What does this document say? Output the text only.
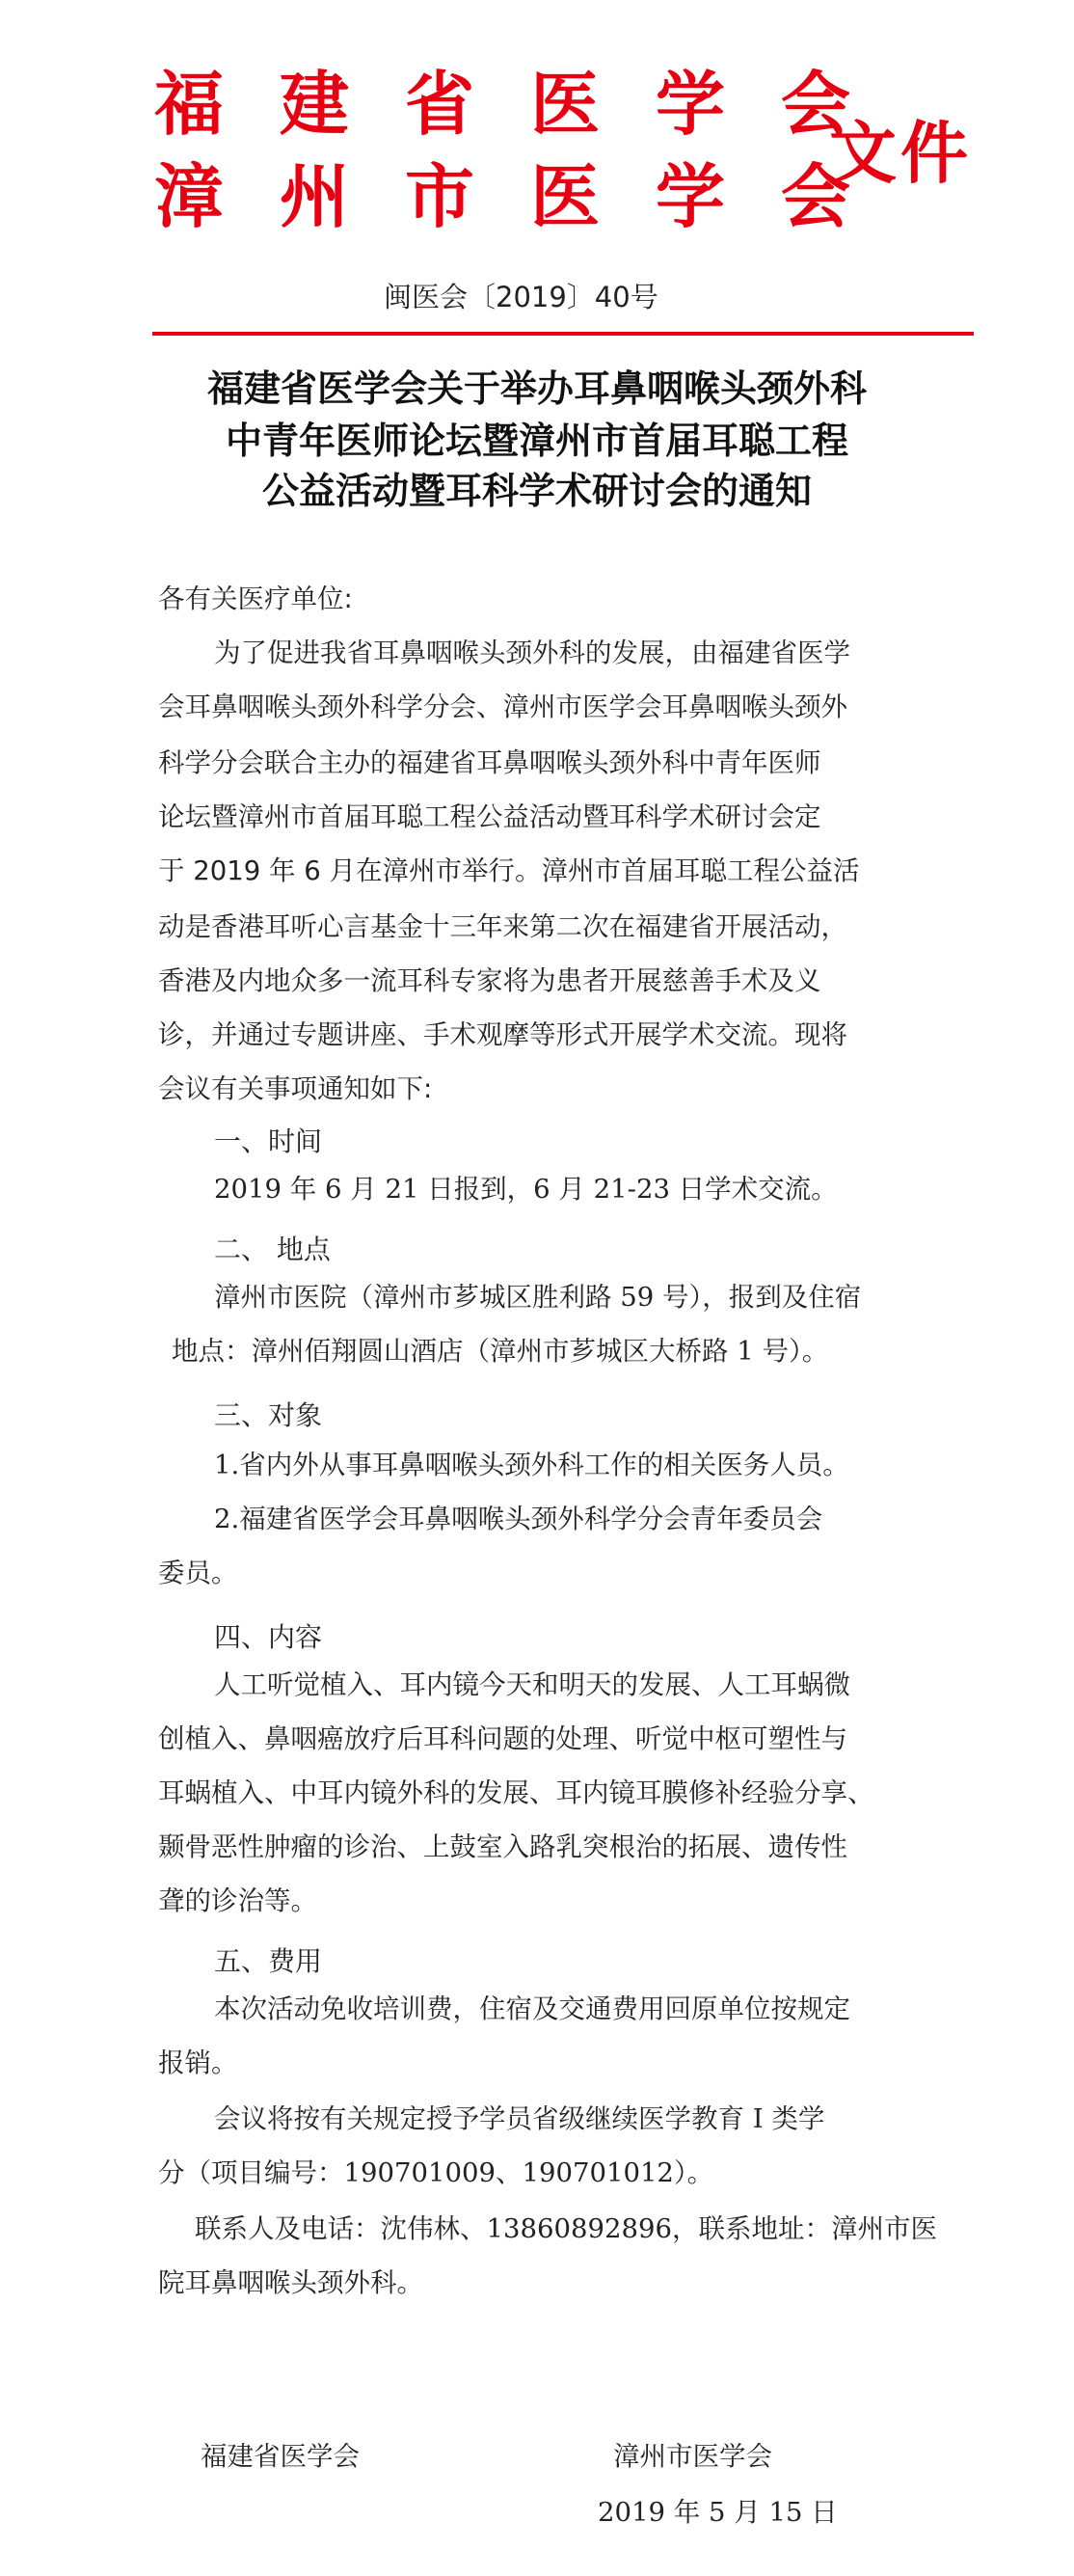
福建省医学会
漳州市医学会
文件
闽医会〔2019〕40号
福建省医学会关于举办耳鼻咽喉头颈外科
中青年医师论坛暨漳州市首届耳聪工程
公益活动暨耳科学术研讨会的通知
各有关医疗单位:
为了促进我省耳鼻咽喉头颈外科的发展，由福建省医学
会耳鼻咽喉头颈外科学分会、漳州市医学会耳鼻咽喉头颈外
科学分会联合主办的福建省耳鼻咽喉头颈外科中青年医师
论坛暨漳州市首届耳聪工程公益活动暨耳科学术研讨会定
于 2019 年 6 月在漳州市举行。漳州市首届耳聪工程公益活
动是香港耳听心言基金十三年来第二次在福建省开展活动，
香港及内地众多一流耳科专家将为患者开展慈善手术及义
诊，并通过专题讲座、手术观摩等形式开展学术交流。现将
会议有关事项通知如下:
一、时间
2019 年 6 月 21 日报到，6 月 21-23 日学术交流。
二、 地点
漳州市医院（漳州市芗城区胜利路 59 号），报到及住宿
地点：漳州佰翔圆山酒店（漳州市芗城区大桥路 1 号）。
三、对象
1.省内外从事耳鼻咽喉头颈外科工作的相关医务人员。
2.福建省医学会耳鼻咽喉头颈外科学分会青年委员会
委员。
四、内容
人工听觉植入、耳内镜今天和明天的发展、人工耳蜗微
创植入、鼻咽癌放疗后耳科问题的处理、听觉中枢可塑性与
耳蜗植入、中耳内镜外科的发展、耳内镜耳膜修补经验分享、
颞骨恶性肿瘤的诊治、上鼓室入路乳突根治的拓展、遗传性
聋的诊治等。
五、费用
本次活动免收培训费，住宿及交通费用回原单位按规定
报销。
会议将按有关规定授予学员省级继续医学教育 I 类学
分（项目编号：190701009、190701012）。
联系人及电话：沈伟林、13860892896，联系地址：漳州市医
院耳鼻咽喉头颈外科。
福建省医学会	漳州市医学会
2019 年 5 月 15 日
